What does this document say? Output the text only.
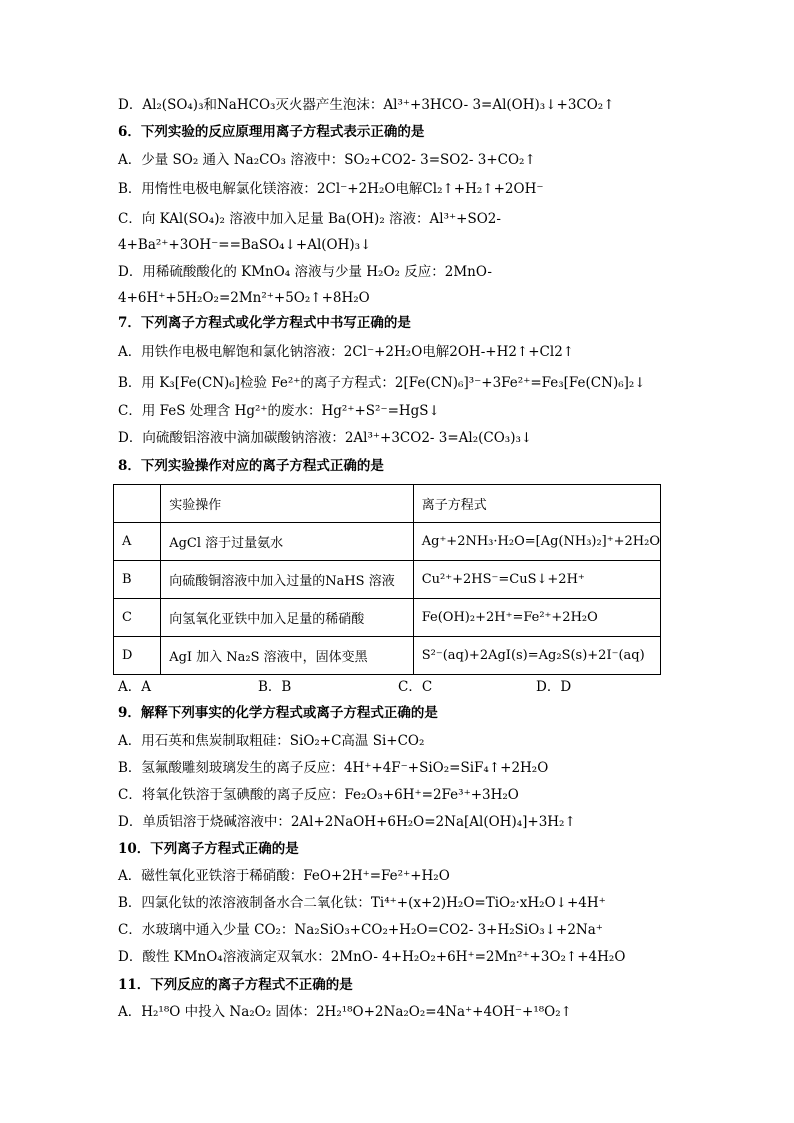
D．Al₂(SO₄)₃和NaHCO₃灭火器产生泡沫：Al³⁺+3HCO- 3=Al(OH)₃↓+3CO₂↑
6．下列实验的反应原理用离子方程式表示正确的是
A．少量 SO₂ 通入 Na₂CO₃ 溶液中：SO₂+CO2- 3=SO2- 3+CO₂↑
B．用惰性电极电解氯化镁溶液：2Cl⁻+2H₂O电解Cl₂↑+H₂↑+2OH⁻
C．向 KAl(SO₄)₂ 溶液中加入足量 Ba(OH)₂ 溶液：Al³⁺+SO2-
4+Ba²⁺+3OH⁻==BaSO₄↓+Al(OH)₃↓
D．用稀硫酸酸化的 KMnO₄ 溶液与少量 H₂O₂ 反应：2MnO-
4+6H⁺+5H₂O₂=2Mn²⁺+5O₂↑+8H₂O
7．下列离子方程式或化学方程式中书写正确的是
A．用铁作电极电解饱和氯化钠溶液：2Cl⁻+2H₂O电解2OH-+H2↑+Cl2↑
B．用 K₃[Fe(CN)₆]检验 Fe²⁺的离子方程式：2[Fe(CN)₆]³⁻+3Fe²⁺=Fe₃[Fe(CN)₆]₂↓
C．用 FeS 处理含 Hg²⁺的废水：Hg²⁺+S²⁻=HgS↓
D．向硫酸铝溶液中滴加碳酸钠溶液：2Al³⁺+3CO2- 3=Al₂(CO₃)₃↓
8．下列实验操作对应的离子方程式正确的是
	实验操作	离子方程式
A	AgCl 溶于过量氨水	Ag⁺+2NH₃·H₂O=[Ag(NH₃)₂]⁺+2H₂O
B	向硫酸铜溶液中加入过量的NaHS 溶液	Cu²⁺+2HS⁻=CuS↓+2H⁺
C	向氢氧化亚铁中加入足量的稀硝酸	Fe(OH)₂+2H⁺=Fe²⁺+2H₂O
D	AgI 加入 Na₂S 溶液中，固体变黑	S²⁻(aq)+2AgI(s)=Ag₂S(s)+2I⁻(aq)
A．A	B．B	C．C	D．D
9．解释下列事实的化学方程式或离子方程式正确的是
A．用石英和焦炭制取粗硅：SiO₂+C高温 Si+CO₂
B．氢氟酸雕刻玻璃发生的离子反应：4H⁺+4F⁻+SiO₂=SiF₄↑+2H₂O
C．将氧化铁溶于氢碘酸的离子反应：Fe₂O₃+6H⁺=2Fe³⁺+3H₂O
D．单质铝溶于烧碱溶液中：2Al+2NaOH+6H₂O=2Na[Al(OH)₄]+3H₂↑
10．下列离子方程式正确的是
A．磁性氧化亚铁溶于稀硝酸：FeO+2H⁺=Fe²⁺+H₂O
B．四氯化钛的浓溶液制备水合二氧化钛：Ti⁴⁺+(x+2)H₂O=TiO₂·xH₂O↓+4H⁺
C．水玻璃中通入少量 CO₂：Na₂SiO₃+CO₂+H₂O=CO2- 3+H₂SiO₃↓+2Na⁺
D．酸性 KMnO₄溶液滴定双氧水：2MnO- 4+H₂O₂+6H⁺=2Mn²⁺+3O₂↑+4H₂O
11．下列反应的离子方程式不正确的是
A．H₂¹⁸O 中投入 Na₂O₂ 固体：2H₂¹⁸O+2Na₂O₂=4Na⁺+4OH⁻+¹⁸O₂↑
